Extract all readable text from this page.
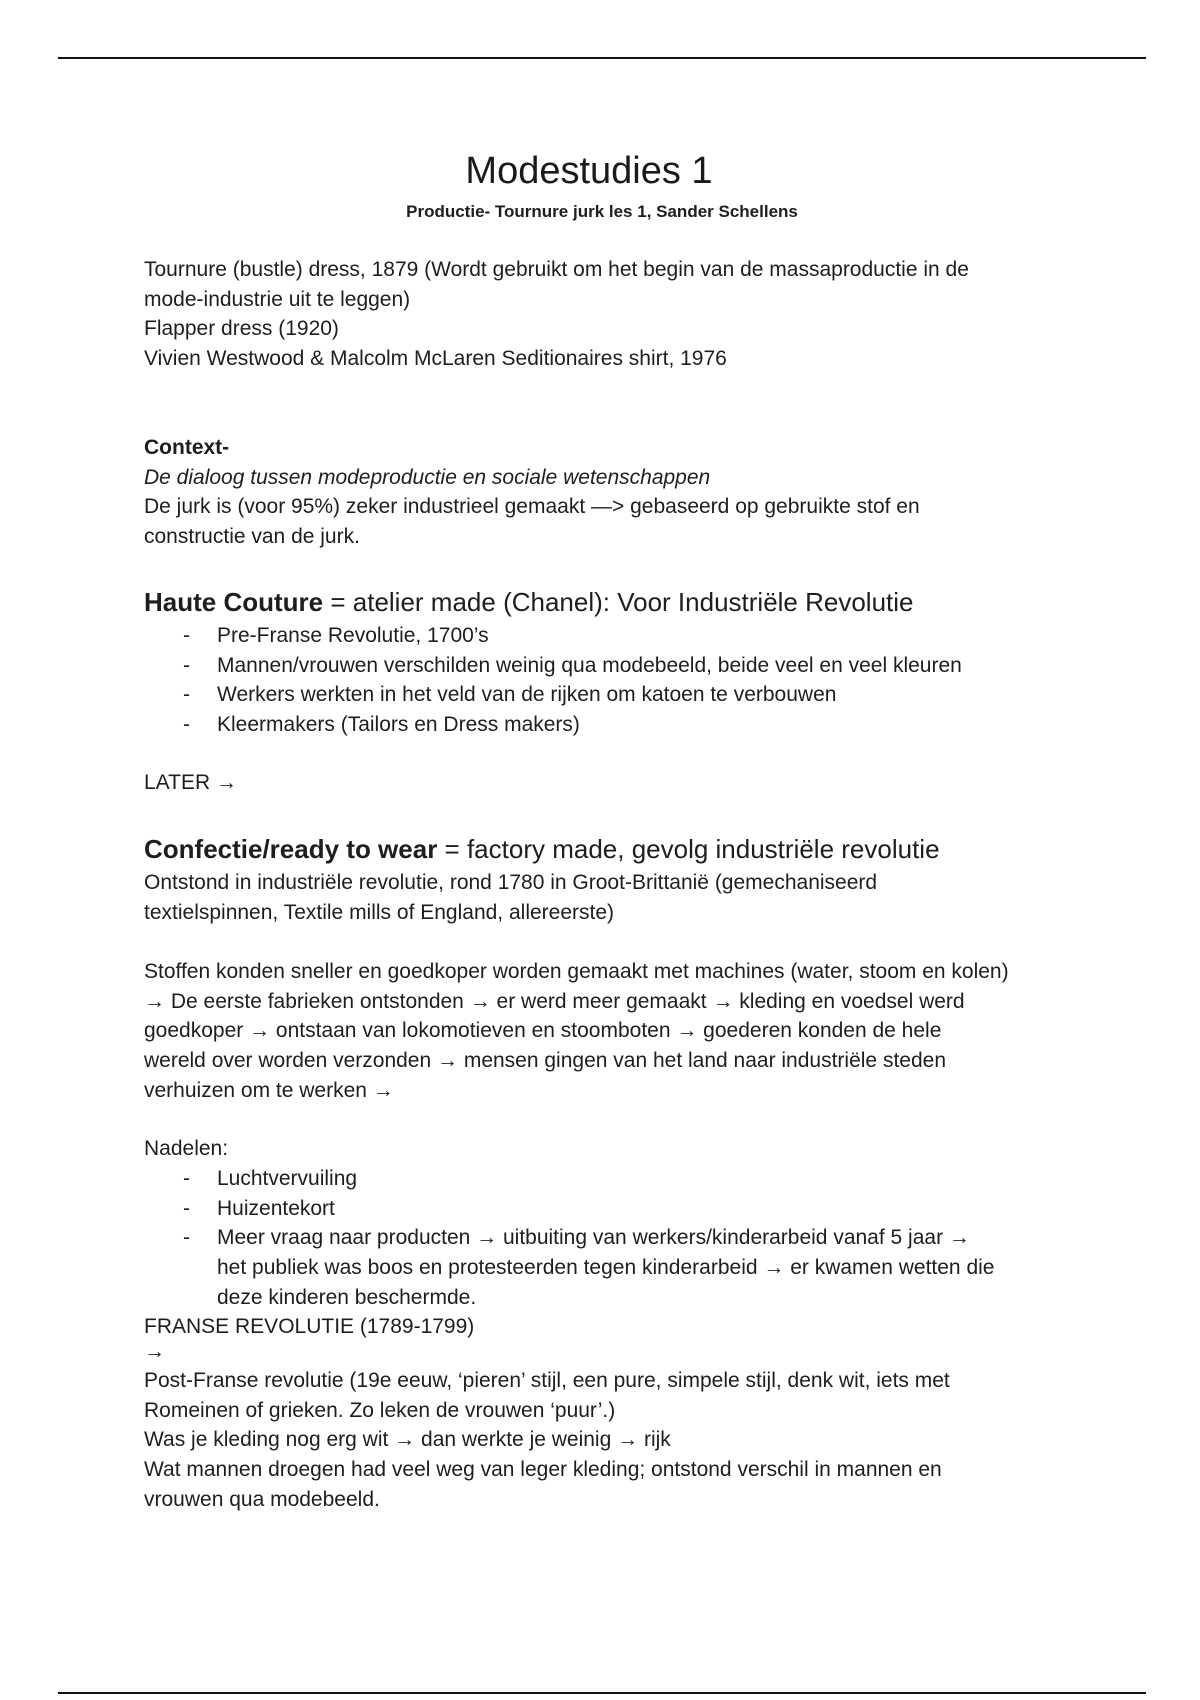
Modestudies 1
Productie- Tournure jurk les 1, Sander Schellens
Tournure (bustle) dress, 1879 (Wordt gebruikt om het begin van de massaproductie in de
mode-industrie uit te leggen)
Flapper dress (1920)
Vivien Westwood & Malcolm McLaren Seditionaires shirt, 1976
Context-
De dialoog tussen modeproductie en sociale wetenschappen
De jurk is (voor 95%) zeker industrieel gemaakt —> gebaseerd op gebruikte stof en
constructie van de jurk.
Haute Couture = atelier made (Chanel): Voor Industriële Revolutie
-	Pre-Franse Revolutie, 1700’s
-	Mannen/vrouwen verschilden weinig qua modebeeld, beide veel en veel kleuren
-	Werkers werkten in het veld van de rijken om katoen te verbouwen
-	Kleermakers (Tailors en Dress makers)
LATER →
Confectie/ready to wear = factory made, gevolg industriële revolutie
Ontstond in industriële revolutie, rond 1780 in Groot-Brittanië (gemechaniseerd
textielspinnen, Textile mills of England, allereerste)
Stoffen konden sneller en goedkoper worden gemaakt met machines (water, stoom en kolen)
→ De eerste fabrieken ontstonden → er werd meer gemaakt → kleding en voedsel werd
goedkoper → ontstaan van lokomotieven en stoomboten → goederen konden de hele
wereld over worden verzonden → mensen gingen van het land naar industriële steden
verhuizen om te werken →
Nadelen:
-	Luchtvervuiling
-	Huizentekort
-	Meer vraag naar producten → uitbuiting van werkers/kinderarbeid vanaf 5 jaar →
het publiek was boos en protesteerden tegen kinderarbeid → er kwamen wetten die
deze kinderen beschermde.
FRANSE REVOLUTIE (1789-1799)
→
Post-Franse revolutie (19e eeuw, ‘pieren’ stijl, een pure, simpele stijl, denk wit, iets met
Romeinen of grieken. Zo leken de vrouwen ‘puur’.)
Was je kleding nog erg wit → dan werkte je weinig → rijk
Wat mannen droegen had veel weg van leger kleding; ontstond verschil in mannen en
vrouwen qua modebeeld.
